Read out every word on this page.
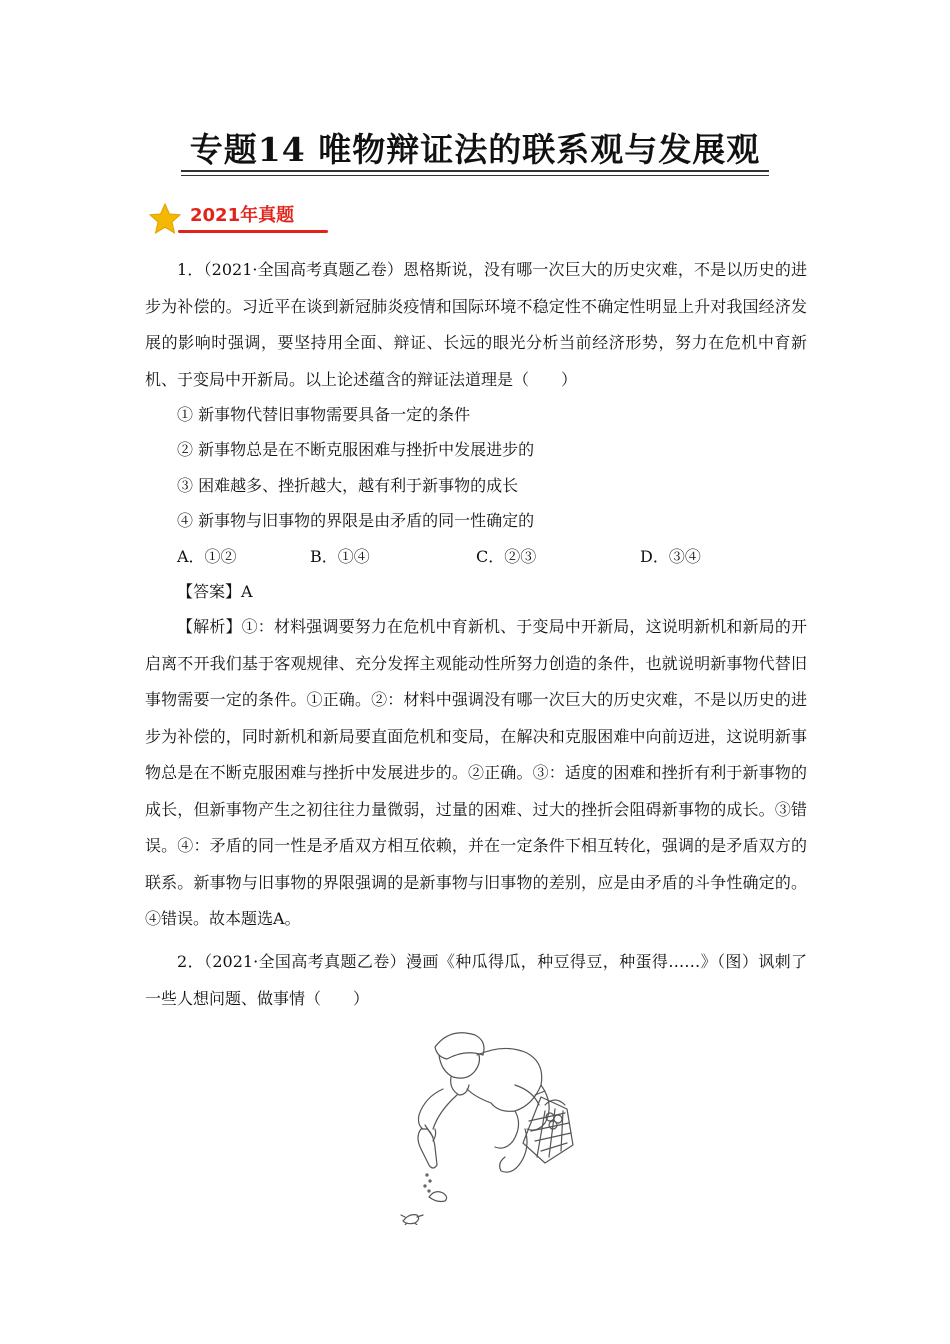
专题14 唯物辩证法的联系观与发展观
2021年真题
1．（2021·全国高考真题乙卷）恩格斯说，没有哪一次巨大的历史灾难，不是以历史的进步为补偿的。习近平在谈到新冠肺炎疫情和国际环境不稳定性不确定性明显上升对我国经济发展的影响时强调，要坚持用全面、辩证、长远的眼光分析当前经济形势，努力在危机中育新机、于变局中开新局。以上论述蕴含的辩证法道理是（　　）
① 新事物代替旧事物需要具备一定的条件
② 新事物总是在不断克服困难与挫折中发展进步的
③ 困难越多、挫折越大，越有利于新事物的成长
④ 新事物与旧事物的界限是由矛盾的同一性确定的
A．①②	B．①④	C．②③	D．③④
【答案】A
【解析】①：材料强调要努力在危机中育新机、于变局中开新局，这说明新机和新局的开启离不开我们基于客观规律、充分发挥主观能动性所努力创造的条件，也就说明新事物代替旧事物需要一定的条件。①正确。②：材料中强调没有哪一次巨大的历史灾难，不是以历史的进步为补偿的，同时新机和新局要直面危机和变局，在解决和克服困难中向前迈进，这说明新事物总是在不断克服困难与挫折中发展进步的。②正确。③：适度的困难和挫折有利于新事物的成长，但新事物产生之初往往力量微弱，过量的困难、过大的挫折会阻碍新事物的成长。③错误。④：矛盾的同一性是矛盾双方相互依赖，并在一定条件下相互转化，强调的是矛盾双方的联系。新事物与旧事物的界限强调的是新事物与旧事物的差别，应是由矛盾的斗争性确定的。④错误。故本题选A。
2．（2021·全国高考真题乙卷）漫画《种瓜得瓜，种豆得豆，种蛋得……》（图）讽刺了一些人想问题、做事情（　　）
